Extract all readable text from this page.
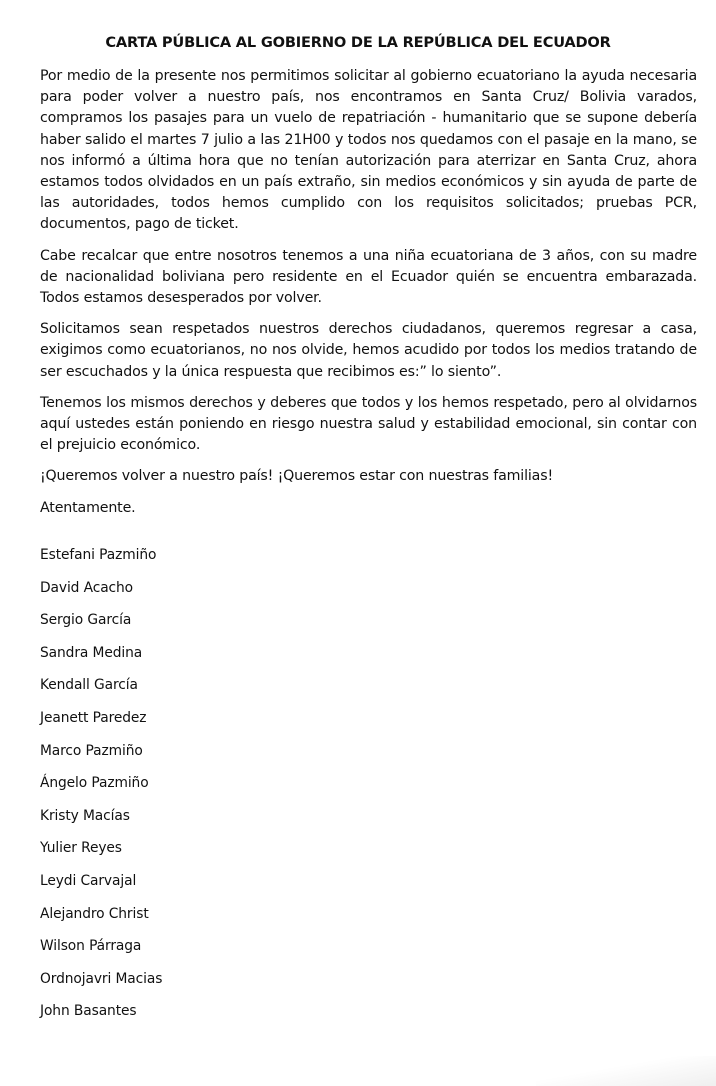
CARTA PÚBLICA AL GOBIERNO DE LA REPÚBLICA DEL ECUADOR

Por medio de la presente nos permitimos solicitar al gobierno ecuatoriano la ayuda necesaria para poder volver a nuestro país, nos encontramos en Santa Cruz/ Bolivia varados, compramos los pasajes para un vuelo de repatriación - humanitario que se supone debería haber salido el martes 7 julio a las 21H00 y todos nos quedamos con el pasaje en la mano, se nos informó a última hora que no tenían autorización para aterrizar en Santa Cruz, ahora estamos todos olvidados en un país extraño, sin medios económicos y sin ayuda de parte de las autoridades, todos hemos cumplido con los requisitos solicitados; pruebas PCR, documentos, pago de ticket.

Cabe recalcar que entre nosotros tenemos a una niña ecuatoriana de 3 años, con su madre de nacionalidad boliviana pero residente en el Ecuador quién se encuentra embarazada. Todos estamos desesperados por volver.

Solicitamos sean respetados nuestros derechos ciudadanos, queremos regresar a casa, exigimos como ecuatorianos, no nos olvide, hemos acudido por todos los medios tratando de ser escuchados y la única respuesta que recibimos es:” lo siento”.

Tenemos los mismos derechos y deberes que todos y los hemos respetado, pero al olvidarnos aquí ustedes están poniendo en riesgo nuestra salud y estabilidad emocional, sin contar con el prejuicio económico.

¡Queremos volver a nuestro país! ¡Queremos estar con nuestras familias!

Atentamente.

Estefani Pazmiño
David Acacho
Sergio García
Sandra Medina
Kendall García
Jeanett Paredez
Marco Pazmiño
Ángelo Pazmiño
Kristy Macías
Yulier Reyes
Leydi Carvajal
Alejandro Christ
Wilson Párraga
Ordnojavri Macias
John Basantes
